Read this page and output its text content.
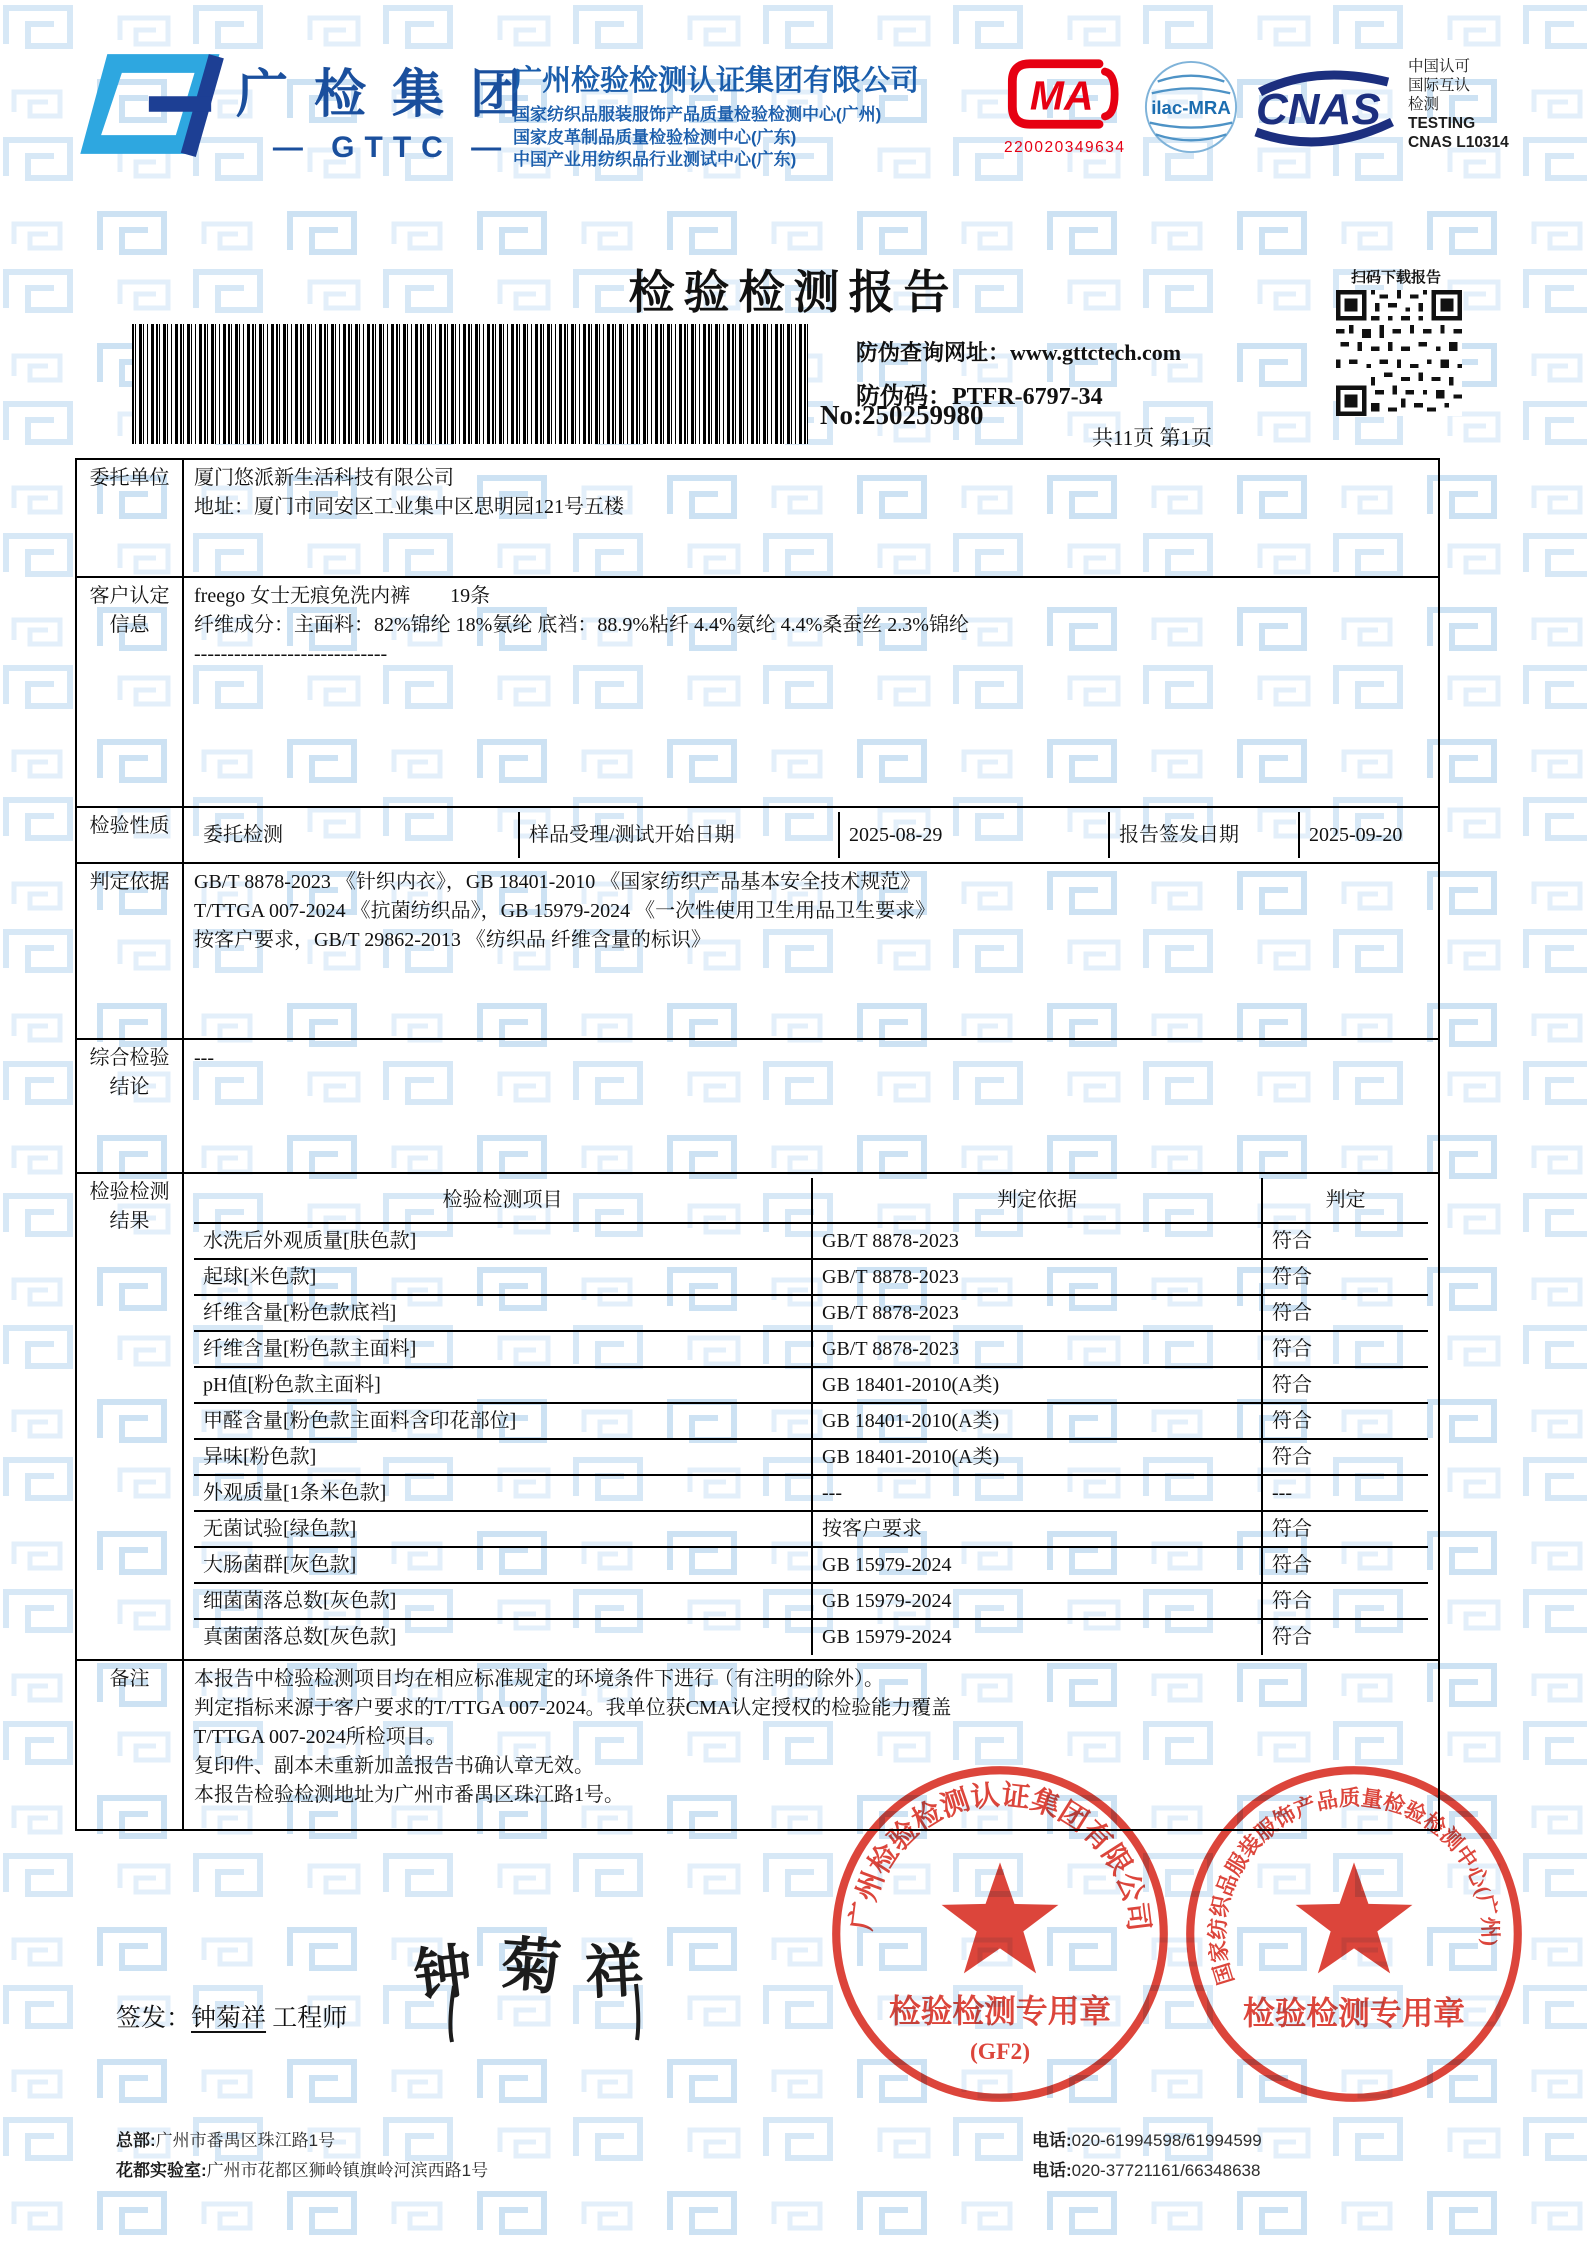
广检集团
— GTTC —
广州检验检测认证集团有限公司
国家纺织品服装服饰产品质量检验检测中心(广州)
国家皮革制品质量检验检测中心(广东)
中国产业用纺织品行业测试中心(广东)
MA
220020349634
ilac-MRA CNAS
中国认可
国际互认
检测
TESTING
CNAS L10314
检验检测报告	扫码下载报告
No:250259980
防伪查询网址：www.gttctech.com
防伪码：PTFR-6797-34
共11页 第1页
委托单位	厦门悠派新生活科技有限公司
地址：厦门市同安区工业集中区思明园121号五楼

客户认定信息	
freego 女士无痕免洗内裤        19条
纤维成分：主面料：82%锦纶 18%氨纶 底裆：88.9%粘纤 4.4%氨纶 4.4%桑蚕丝 2.3%锦纶
-----------------------------

检验性质	委托检测	样品受理/测试开始日期	2025-08-29	报告签发日期	2025-09-20

判定依据	GB/T 8878-2023 《针织内衣》，GB 18401-2010 《国家纺织产品基本安全技术规范》
T/TTGA 007-2024 《抗菌纺织品》，GB 15979-2024 《一次性使用卫生用品卫生要求》
按客户要求，GB/T 29862-2013 《纺织品 纤维含量的标识》

综合检验结论	---
检验检测结果	
检验检测项目	判定依据	判定
水洗后外观质量[肤色款]	GB/T 8878-2023	符合
起球[米色款]	GB/T 8878-2023	符合
纤维含量[粉色款底裆]	GB/T 8878-2023	符合
纤维含量[粉色款主面料]	GB/T 8878-2023	符合
pH值[粉色款主面料]	GB 18401-2010(A类)	符合
甲醛含量[粉色款主面料含印花部位]	GB 18401-2010(A类)	符合
异味[粉色款]	GB 18401-2010(A类)	符合
外观质量[1条米色款]	---	---
无菌试验[绿色款]	按客户要求	符合
大肠菌群[灰色款]	GB 15979-2024	符合
细菌菌落总数[灰色款]	GB 15979-2024	符合
真菌菌落总数[灰色款]	GB 15979-2024	符合

备注	本报告中检验检测项目均在相应标准规定的环境条件下进行（有注明的除外）。
判定指标来源于客户要求的T/TTGA 007-2024。我单位获CMA认定授权的检验能力覆盖
T/TTGA 007-2024所检项目。
复印件、副本未重新加盖报告书确认章无效。
本报告检验检测地址为广州市番禺区珠江路1号。
签发：钟菊祥 工程师
钟 菊 祥
广州检验检测认证集团有限公司
检验检测专用章
(GF2)
国家纺织品服装服饰产品质量检验检测中心(广州)
检验检测专用章
总部:广州市番禺区珠江路1号
花都实验室:广州市花都区狮岭镇旗岭河滨西路1号
电话:020-61994598/61994599
电话:020-37721161/66348638
